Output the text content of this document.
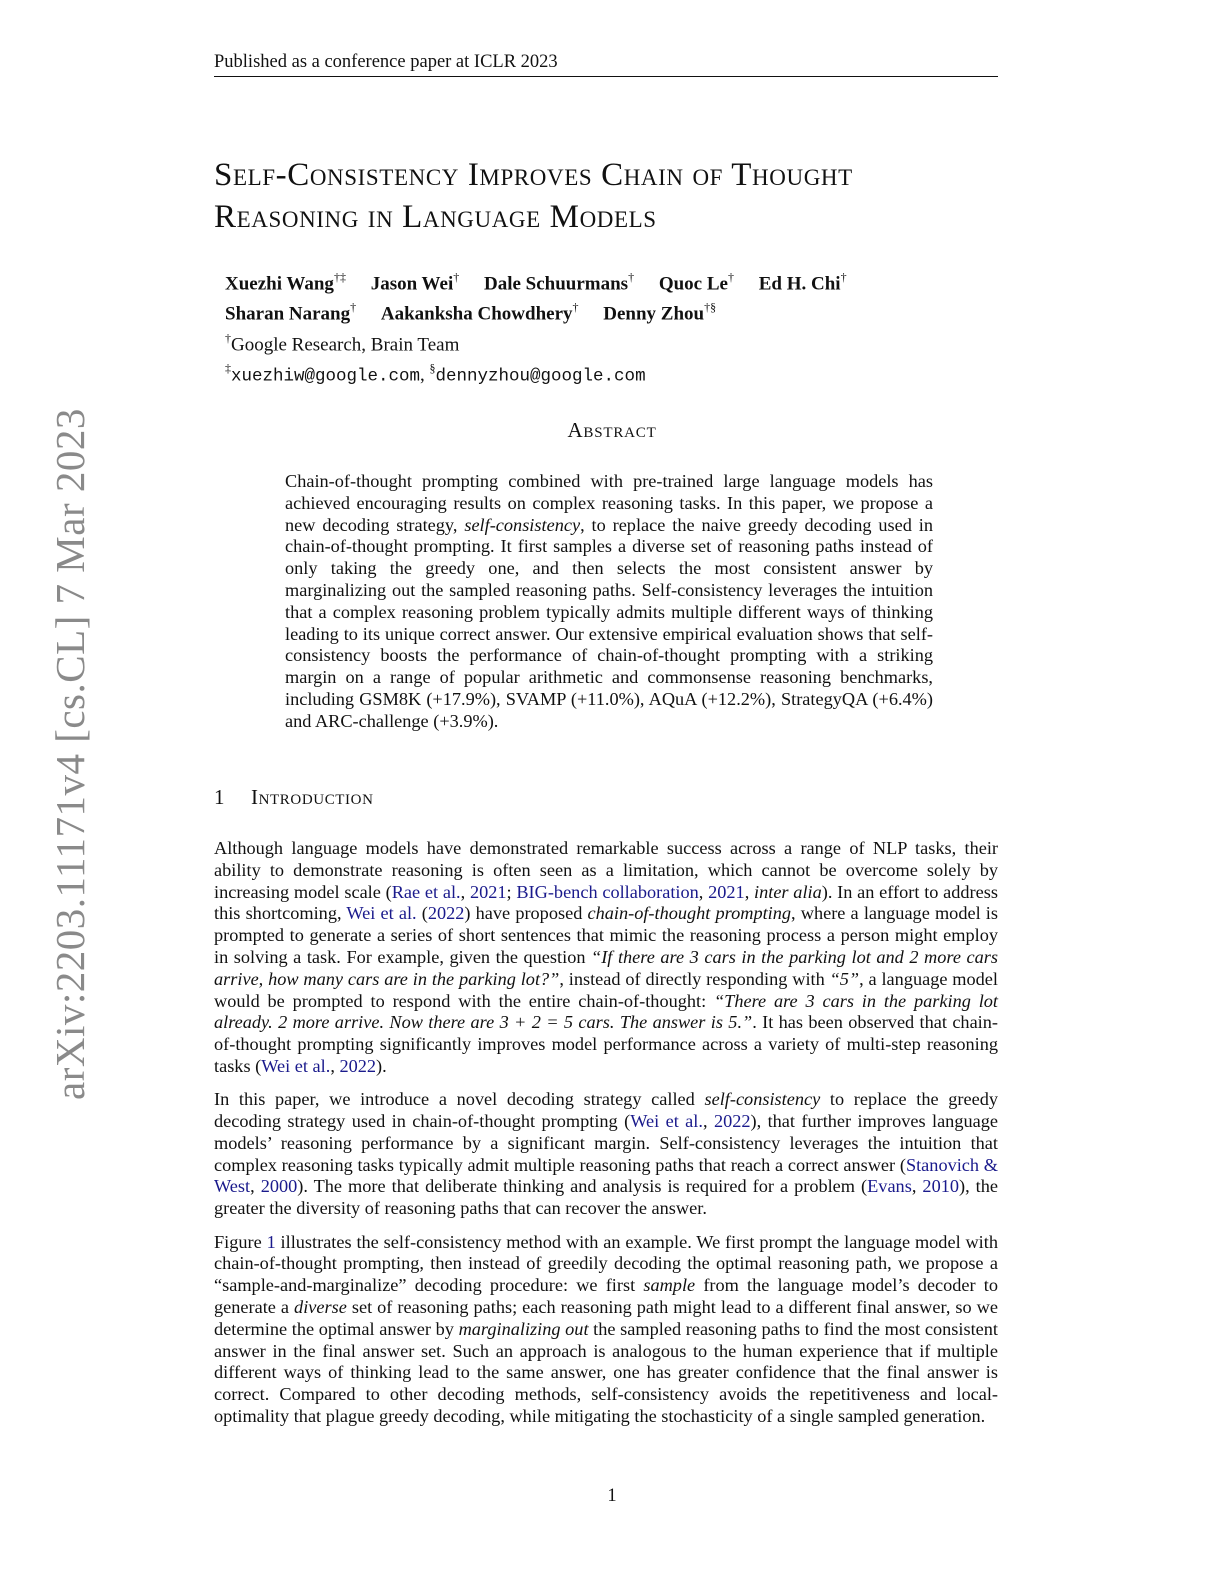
Published as a conference paper at ICLR 2023
Self-Consistency Improves Chain of Thought
Reasoning in Language Models
Xuezhi Wang†‡ Jason Wei† Dale Schuurmans† Quoc Le† Ed H. Chi†
Sharan Narang† Aakanksha Chowdhery† Denny Zhou†§
†Google Research, Brain Team
‡xuezhiw@google.com, §dennyzhou@google.com
Abstract
Chain-of-thought prompting combined with pre-trained large language models has achieved encouraging results on complex reasoning tasks. In this paper, we propose a new decoding strategy, self-consistency, to replace the naive greedy decoding used in chain-of-thought prompting. It first samples a diverse set of reasoning paths instead of only taking the greedy one, and then selects the most consistent answer by marginalizing out the sampled reasoning paths. Self-consistency leverages the intuition that a complex reasoning problem typically admits multiple different ways of thinking leading to its unique correct answer. Our extensive empirical evaluation shows that self-consistency boosts the performance of chain-of-thought prompting with a striking margin on a range of popular arithmetic and commonsense reasoning benchmarks, including GSM8K (+17.9%), SVAMP (+11.0%), AQuA (+12.2%), StrategyQA (+6.4%) and ARC-challenge (+3.9%).
1 Introduction

Although language models have demonstrated remarkable success across a range of NLP tasks, their ability to demonstrate reasoning is often seen as a limitation, which cannot be overcome solely by increasing model scale (Rae et al., 2021; BIG-bench collaboration, 2021, inter alia). In an effort to address this shortcoming, Wei et al. (2022) have proposed chain-of-thought prompting, where a language model is prompted to generate a series of short sentences that mimic the reasoning process a person might employ in solving a task. For example, given the question “If there are 3 cars in the parking lot and 2 more cars arrive, how many cars are in the parking lot?”, instead of directly responding with “5”, a language model would be prompted to respond with the entire chain-of-thought: “There are 3 cars in the parking lot already. 2 more arrive. Now there are 3 + 2 = 5 cars. The answer is 5.”. It has been observed that chain-of-thought prompting significantly improves model performance across a variety of multi-step reasoning tasks (Wei et al., 2022).

In this paper, we introduce a novel decoding strategy called self-consistency to replace the greedy decoding strategy used in chain-of-thought prompting (Wei et al., 2022), that further improves language models’ reasoning performance by a significant margin. Self-consistency leverages the intuition that complex reasoning tasks typically admit multiple reasoning paths that reach a correct answer (Stanovich & West, 2000). The more that deliberate thinking and analysis is required for a problem (Evans, 2010), the greater the diversity of reasoning paths that can recover the answer.

Figure 1 illustrates the self-consistency method with an example. We first prompt the language model with chain-of-thought prompting, then instead of greedily decoding the optimal reasoning path, we propose a “sample-and-marginalize” decoding procedure: we first sample from the language model’s decoder to generate a diverse set of reasoning paths; each reasoning path might lead to a different final answer, so we determine the optimal answer by marginalizing out the sampled reasoning paths to find the most consistent answer in the final answer set. Such an approach is analogous to the human experience that if multiple different ways of thinking lead to the same answer, one has greater confidence that the final answer is correct. Compared to other decoding methods, self-consistency avoids the repetitiveness and local-optimality that plague greedy decoding, while mitigating the stochasticity of a single sampled generation.

arXiv:2203.11171v4 [cs.CL] 7 Mar 2023
1
